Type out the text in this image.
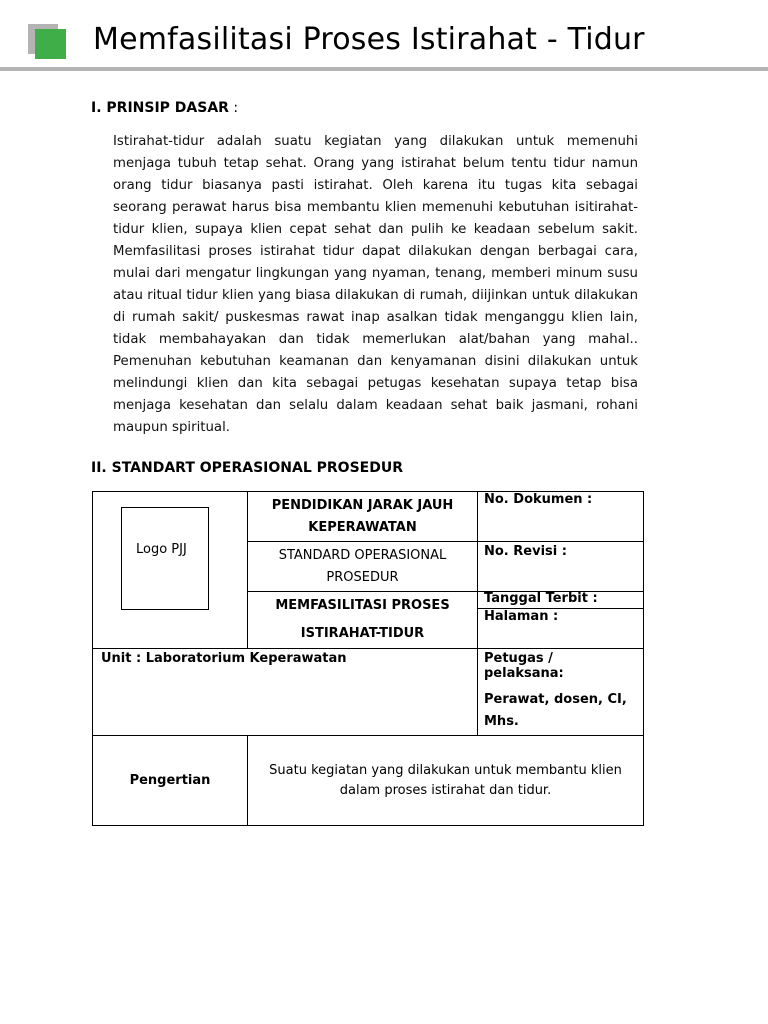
Memfasilitasi Proses Istirahat - Tidur
I. PRINSIP DASAR :
Istirahat-tidur adalah suatu kegiatan yang dilakukan untuk memenuhi menjaga tubuh tetap sehat. Orang yang istirahat belum tentu tidur namun orang tidur biasanya pasti istirahat. Oleh karena itu tugas kita sebagai seorang perawat harus bisa membantu klien memenuhi kebutuhan isitirahat-tidur klien, supaya klien cepat sehat dan pulih ke keadaan sebelum sakit. Memfasilitasi proses istirahat tidur dapat dilakukan dengan berbagai cara, mulai dari mengatur lingkungan yang nyaman, tenang, memberi minum susu atau ritual tidur klien yang biasa dilakukan di rumah, diijinkan untuk dilakukan di rumah sakit/ puskesmas rawat inap asalkan tidak menganggu klien lain, tidak membahayakan dan tidak memerlukan alat/bahan yang mahal.. Pemenuhan kebutuhan keamanan dan kenyamanan disini dilakukan untuk melindungi klien dan kita sebagai petugas kesehatan supaya tetap bisa menjaga kesehatan dan selalu dalam keadaan sehat baik jasmani, rohani maupun spiritual.
II. STANDART OPERASIONAL PROSEDUR
Logo PJJ	PENDIDIKAN JARAK JAUH KEPERAWATAN	No. Dokumen :

	STANDARD OPERASIONAL PROSEDUR	No. Revisi :

	MEMFASILITASI PROSES ISTIRAHAT-TIDUR	Tanggal Terbit :
		Halaman :
Unit : Laboratorium Keperawatan		Petugas / pelaksana:
Perawat, dosen, CI, Mhs.

Pengertian	Suatu kegiatan yang dilakukan untuk membantu klien dalam proses istirahat dan tidur.	
